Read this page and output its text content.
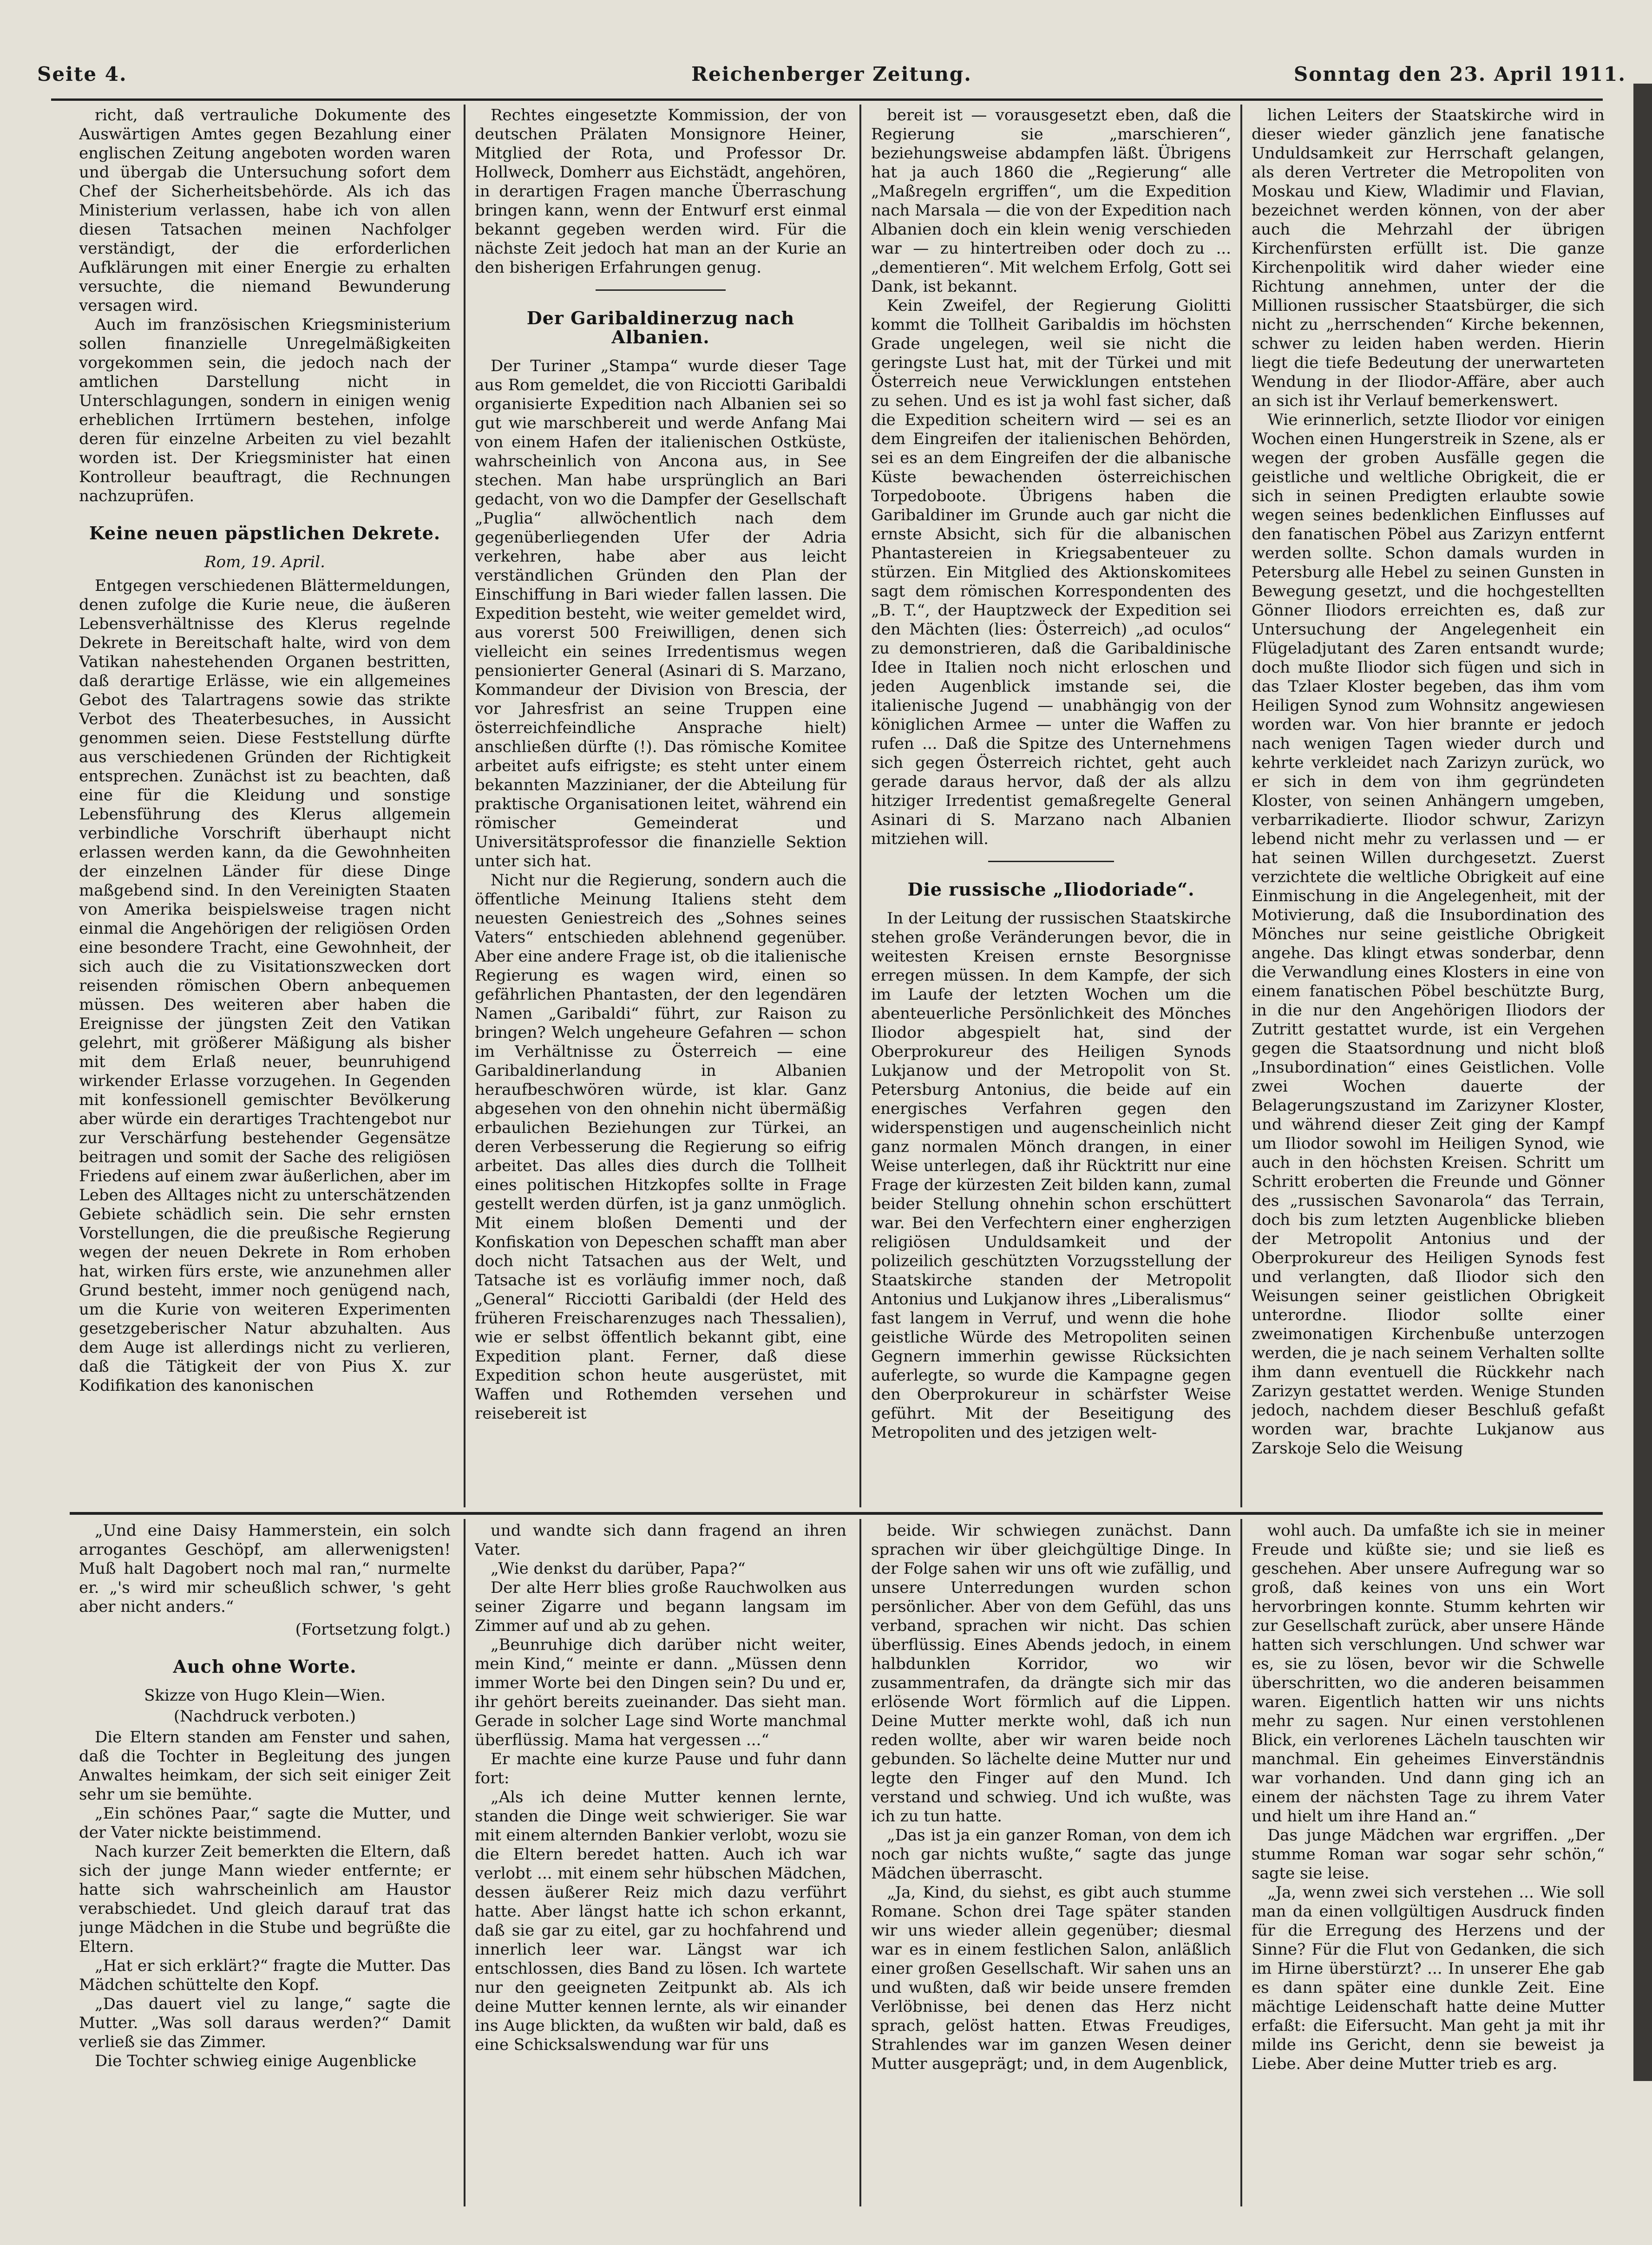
Seite 4.	Reichenberger Zeitung.	Sonntag den 23. April 1911.

richt, daß vertrauliche Dokumente des Auswärtigen Amtes gegen Bezahlung einer englischen Zeitung angeboten worden waren und übergab die Untersuchung sofort dem Chef der Sicherheitsbehörde. Als ich das Ministerium verlassen, habe ich von allen diesen Tatsachen meinen Nachfolger verständigt, der die erforderlichen Aufklärungen mit einer Energie zu erhalten versuchte, die niemand Bewunderung versagen wird.

Auch im französischen Kriegsministerium sollen finanzielle Unregelmäßigkeiten vorgekommen sein, die jedoch nach der amtlichen Darstellung nicht in Unterschlagungen, sondern in einigen wenig erheblichen Irrtümern bestehen, infolge deren für einzelne Arbeiten zu viel bezahlt worden ist. Der Kriegsminister hat einen Kontrolleur beauftragt, die Rechnungen nachzuprüfen.

Keine neuen päpstlichen Dekrete.
Rom, 19. April.

Entgegen verschiedenen Blättermeldungen, denen zufolge die Kurie neue, die äußeren Lebensverhältnisse des Klerus regelnde Dekrete in Bereitschaft halte, wird von dem Vatikan nahestehenden Organen bestritten, daß derartige Erlässe, wie ein allgemeines Gebot des Talartragens sowie das strikte Verbot des Theaterbesuches, in Aussicht genommen seien. Diese Feststellung dürfte aus verschiedenen Gründen der Richtigkeit entsprechen. Zunächst ist zu beachten, daß eine für die Kleidung und sonstige Lebensführung des Klerus allgemein verbindliche Vorschrift überhaupt nicht erlassen werden kann, da die Gewohnheiten der einzelnen Länder für diese Dinge maßgebend sind. In den Vereinigten Staaten von Amerika beispielsweise tragen nicht einmal die Angehörigen der religiösen Orden eine besondere Tracht, eine Gewohnheit, der sich auch die zu Visitationszwecken dort reisenden römischen Obern anbequemen müssen. Des weiteren aber haben die Ereignisse der jüngsten Zeit den Vatikan gelehrt, mit größerer Mäßigung als bisher mit dem Erlaß neuer, beunruhigend wirkender Erlasse vorzugehen. In Gegenden mit konfessionell gemischter Bevölkerung aber würde ein derartiges Trachtengebot nur zur Verschärfung bestehender Gegensätze beitragen und somit der Sache des religiösen Friedens auf einem zwar äußerlichen, aber im Leben des Alltages nicht zu unterschätzenden Gebiete schädlich sein. Die sehr ernsten Vorstellungen, die die preußische Regierung wegen der neuen Dekrete in Rom erhoben hat, wirken fürs erste, wie anzunehmen aller Grund besteht, immer noch genügend nach, um die Kurie von weiteren Experimenten gesetzgeberischer Natur abzuhalten. Aus dem Auge ist allerdings nicht zu verlieren, daß die Tätigkeit der von Pius X. zur Kodifikation des kanonischen

Rechtes eingesetzte Kommission, der von deutschen Prälaten Monsignore Heiner, Mitglied der Rota, und Professor Dr. Hollweck, Domherr aus Eichstädt, angehören, in derartigen Fragen manche Überraschung bringen kann, wenn der Entwurf erst einmal bekannt gegeben werden wird. Für die nächste Zeit jedoch hat man an der Kurie an den bisherigen Erfahrungen genug.

Der Garibaldinerzug nach Albanien.

Der Turiner „Stampa“ wurde dieser Tage aus Rom gemeldet, die von Ricciotti Garibaldi organisierte Expedition nach Albanien sei so gut wie marschbereit und werde Anfang Mai von einem Hafen der italienischen Ostküste, wahrscheinlich von Ancona aus, in See stechen. Man habe ursprünglich an Bari gedacht, von wo die Dampfer der Gesellschaft „Puglia“ allwöchentlich nach dem gegenüberliegenden Ufer der Adria verkehren, habe aber aus leicht verständlichen Gründen den Plan der Einschiffung in Bari wieder fallen lassen. Die Expedition besteht, wie weiter gemeldet wird, aus vorerst 500 Freiwilligen, denen sich vielleicht ein seines Irredentismus wegen pensionierter General (Asinari di S. Marzano, Kommandeur der Division von Brescia, der vor Jahresfrist an seine Truppen eine österreichfeindliche Ansprache hielt) anschließen dürfte (!). Das römische Komitee arbeitet aufs eifrigste; es steht unter einem bekannten Mazzinianer, der die Abteilung für praktische Organisationen leitet, während ein römischer Gemeinderat und Universitätsprofessor die finanzielle Sektion unter sich hat.

Nicht nur die Regierung, sondern auch die öffentliche Meinung Italiens steht dem neuesten Geniestreich des „Sohnes seines Vaters“ entschieden ablehnend gegenüber. Aber eine andere Frage ist, ob die italienische Regierung es wagen wird, einen so gefährlichen Phantasten, der den legendären Namen „Garibaldi“ führt, zur Raison zu bringen? Welch ungeheure Gefahren — schon im Verhältnisse zu Österreich — eine Garibaldinerlandung in Albanien heraufbeschwören würde, ist klar. Ganz abgesehen von den ohnehin nicht übermäßig erbaulichen Beziehungen zur Türkei, an deren Verbesserung die Regierung so eifrig arbeitet. Das alles dies durch die Tollheit eines politischen Hitzkopfes sollte in Frage gestellt werden dürfen, ist ja ganz unmöglich. Mit einem bloßen Dementi und der Konfiskation von Depeschen schafft man aber doch nicht Tatsachen aus der Welt, und Tatsache ist es vorläufig immer noch, daß „General“ Ricciotti Garibaldi (der Held des früheren Freischarenzuges nach Thessalien), wie er selbst öffentlich bekannt gibt, eine Expedition plant. Ferner, daß diese Expedition schon heute ausgerüstet, mit Waffen und Rothemden versehen und reisebereit ist

bereit ist — vorausgesetzt eben, daß die Regierung sie „marschieren“, beziehungsweise abdampfen läßt. Übrigens hat ja auch 1860 die „Regierung“ alle „Maßregeln ergriffen“, um die Expedition nach Marsala — die von der Expedition nach Albanien doch ein klein wenig verschieden war — zu hintertreiben oder doch zu ... „dementieren“. Mit welchem Erfolg, Gott sei Dank, ist bekannt.

Kein Zweifel, der Regierung Giolitti kommt die Tollheit Garibaldis im höchsten Grade ungelegen, weil sie nicht die geringste Lust hat, mit der Türkei und mit Österreich neue Verwicklungen entstehen zu sehen. Und es ist ja wohl fast sicher, daß die Expedition scheitern wird — sei es an dem Eingreifen der italienischen Behörden, sei es an dem Eingreifen der die albanische Küste bewachenden österreichischen Torpedoboote. Übrigens haben die Garibaldiner im Grunde auch gar nicht die ernste Absicht, sich für die albanischen Phantastereien in Kriegsabenteuer zu stürzen. Ein Mitglied des Aktionskomitees sagt dem römischen Korrespondenten des „B. T.“, der Hauptzweck der Expedition sei den Mächten (lies: Österreich) „ad oculos“ zu demonstrieren, daß die Garibaldinische Idee in Italien noch nicht erloschen und jeden Augenblick imstande sei, die italienische Jugend — unabhängig von der königlichen Armee — unter die Waffen zu rufen ... Daß die Spitze des Unternehmens sich gegen Österreich richtet, geht auch gerade daraus hervor, daß der als allzu hitziger Irredentist gemaßregelte General Asinari di S. Marzano nach Albanien mitziehen will.

Die russische „Iliodoriade“.

In der Leitung der russischen Staatskirche stehen große Veränderungen bevor, die in weitesten Kreisen ernste Besorgnisse erregen müssen. In dem Kampfe, der sich im Laufe der letzten Wochen um die abenteuerliche Persönlichkeit des Mönches Iliodor abgespielt hat, sind der Oberprokureur des Heiligen Synods Lukjanow und der Metropolit von St. Petersburg Antonius, die beide auf ein energisches Verfahren gegen den widerspenstigen und augenscheinlich nicht ganz normalen Mönch drangen, in einer Weise unterlegen, daß ihr Rücktritt nur eine Frage der kürzesten Zeit bilden kann, zumal beider Stellung ohnehin schon erschüttert war. Bei den Verfechtern einer engherzigen religiösen Unduldsamkeit und der polizeilich geschützten Vorzugsstellung der Staatskirche standen der Metropolit Antonius und Lukjanow ihres „Liberalismus“ fast langem in Verruf, und wenn die hohe geistliche Würde des Metropoliten seinen Gegnern immerhin gewisse Rücksichten auferlegte, so wurde die Kampagne gegen den Oberprokureur in schärfster Weise geführt. Mit der Beseitigung des Metropoliten und des jetzigen welt-

lichen Leiters der Staatskirche wird in dieser wieder gänzlich jene fanatische Unduldsamkeit zur Herrschaft gelangen, als deren Vertreter die Metropoliten von Moskau und Kiew, Wladimir und Flavian, bezeichnet werden können, von der aber auch die Mehrzahl der übrigen Kirchenfürsten erfüllt ist. Die ganze Kirchenpolitik wird daher wieder eine Richtung annehmen, unter der die Millionen russischer Staatsbürger, die sich nicht zu „herrschenden“ Kirche bekennen, schwer zu leiden haben werden. Hierin liegt die tiefe Bedeutung der unerwarteten Wendung in der Iliodor-Affäre, aber auch an sich ist ihr Verlauf bemerkenswert.

Wie erinnerlich, setzte Iliodor vor einigen Wochen einen Hungerstreik in Szene, als er wegen der groben Ausfälle gegen die geistliche und weltliche Obrigkeit, die er sich in seinen Predigten erlaubte sowie wegen seines bedenklichen Einflusses auf den fanatischen Pöbel aus Zarizyn entfernt werden sollte. Schon damals wurden in Petersburg alle Hebel zu seinen Gunsten in Bewegung gesetzt, und die hochgestellten Gönner Iliodors erreichten es, daß zur Untersuchung der Angelegenheit ein Flügeladjutant des Zaren entsandt wurde; doch mußte Iliodor sich fügen und sich in das Tzlaer Kloster begeben, das ihm vom Heiligen Synod zum Wohnsitz angewiesen worden war. Von hier brannte er jedoch nach wenigen Tagen wieder durch und kehrte verkleidet nach Zarizyn zurück, wo er sich in dem von ihm gegründeten Kloster, von seinen Anhängern umgeben, verbarrikadierte. Iliodor schwur, Zarizyn lebend nicht mehr zu verlassen und — er hat seinen Willen durchgesetzt. Zuerst verzichtete die weltliche Obrigkeit auf eine Einmischung in die Angelegenheit, mit der Motivierung, daß die Insubordination des Mönches nur seine geistliche Obrigkeit angehe. Das klingt etwas sonderbar, denn die Verwandlung eines Klosters in eine von einem fanatischen Pöbel beschützte Burg, in die nur den Angehörigen Iliodors der Zutritt gestattet wurde, ist ein Vergehen gegen die Staatsordnung und nicht bloß „Insubordination“ eines Geistlichen. Volle zwei Wochen dauerte der Belagerungszustand im Zarizyner Kloster, und während dieser Zeit ging der Kampf um Iliodor sowohl im Heiligen Synod, wie auch in den höchsten Kreisen. Schritt um Schritt eroberten die Freunde und Gönner des „russischen Savonarola“ das Terrain, doch bis zum letzten Augenblicke blieben der Metropolit Antonius und der Oberprokureur des Heiligen Synods fest und verlangten, daß Iliodor sich den Weisungen seiner geistlichen Obrigkeit unterordne. Iliodor sollte einer zweimonatigen Kirchenbuße unterzogen werden, die je nach seinem Verhalten sollte ihm dann eventuell die Rückkehr nach Zarizyn gestattet werden. Wenige Stunden jedoch, nachdem dieser Beschluß gefaßt worden war, brachte Lukjanow aus Zarskoje Selo die Weisung

„Und eine Daisy Hammerstein, ein solch arrogantes Geschöpf, am allerwenigsten! Muß halt Dagobert noch mal ran,“ nurmelte er. „'s wird mir scheußlich schwer, 's geht aber nicht anders.“

(Fortsetzung folgt.)
Auch ohne Worte.
Skizze von Hugo Klein—Wien.
(Nachdruck verboten.)

Die Eltern standen am Fenster und sahen, daß die Tochter in Begleitung des jungen Anwaltes heimkam, der sich seit einiger Zeit sehr um sie bemühte.

„Ein schönes Paar,“ sagte die Mutter, und der Vater nickte beistimmend.

Nach kurzer Zeit bemerkten die Eltern, daß sich der junge Mann wieder entfernte; er hatte sich wahrscheinlich am Haustor verabschiedet. Und gleich darauf trat das junge Mädchen in die Stube und begrüßte die Eltern.

„Hat er sich erklärt?“ fragte die Mutter. Das Mädchen schüttelte den Kopf.

„Das dauert viel zu lange,“ sagte die Mutter. „Was soll daraus werden?“ Damit verließ sie das Zimmer.

Die Tochter schwieg einige Augenblicke

und wandte sich dann fragend an ihren Vater.

„Wie denkst du darüber, Papa?“

Der alte Herr blies große Rauchwolken aus seiner Zigarre und begann langsam im Zimmer auf und ab zu gehen.

„Beunruhige dich darüber nicht weiter, mein Kind,“ meinte er dann. „Müssen denn immer Worte bei den Dingen sein? Du und er, ihr gehört bereits zueinander. Das sieht man. Gerade in solcher Lage sind Worte manchmal überflüssig. Mama hat vergessen ...“

Er machte eine kurze Pause und fuhr dann fort:

„Als ich deine Mutter kennen lernte, standen die Dinge weit schwieriger. Sie war mit einem alternden Bankier verlobt, wozu sie die Eltern beredet hatten. Auch ich war verlobt ... mit einem sehr hübschen Mädchen, dessen äußerer Reiz mich dazu verführt hatte. Aber längst hatte ich schon erkannt, daß sie gar zu eitel, gar zu hochfahrend und innerlich leer war. Längst war ich entschlossen, dies Band zu lösen. Ich wartete nur den geeigneten Zeitpunkt ab. Als ich deine Mutter kennen lernte, als wir einander ins Auge blickten, da wußten wir bald, daß es eine Schicksalswendung war für uns

beide. Wir schwiegen zunächst. Dann sprachen wir über gleichgültige Dinge. In der Folge sahen wir uns oft wie zufällig, und unsere Unterredungen wurden schon persönlicher. Aber von dem Gefühl, das uns verband, sprachen wir nicht. Das schien überflüssig. Eines Abends jedoch, in einem halbdunklen Korridor, wo wir zusammentrafen, da drängte sich mir das erlösende Wort förmlich auf die Lippen. Deine Mutter merkte wohl, daß ich nun reden wollte, aber wir waren beide noch gebunden. So lächelte deine Mutter nur und legte den Finger auf den Mund. Ich verstand und schwieg. Und ich wußte, was ich zu tun hatte.

„Das ist ja ein ganzer Roman, von dem ich noch gar nichts wußte,“ sagte das junge Mädchen überrascht.

„Ja, Kind, du siehst, es gibt auch stumme Romane. Schon drei Tage später standen wir uns wieder allein gegenüber; diesmal war es in einem festlichen Salon, anläßlich einer großen Gesellschaft. Wir sahen uns an und wußten, daß wir beide unsere fremden Verlöbnisse, bei denen das Herz nicht sprach, gelöst hatten. Etwas Freudiges, Strahlendes war im ganzen Wesen deiner Mutter ausgeprägt; und, in dem Augenblick,

wohl auch. Da umfaßte ich sie in meiner Freude und küßte sie; und sie ließ es geschehen. Aber unsere Aufregung war so groß, daß keines von uns ein Wort hervorbringen konnte. Stumm kehrten wir zur Gesellschaft zurück, aber unsere Hände hatten sich verschlungen. Und schwer war es, sie zu lösen, bevor wir die Schwelle überschritten, wo die anderen beisammen waren. Eigentlich hatten wir uns nichts mehr zu sagen. Nur einen verstohlenen Blick, ein verlorenes Lächeln tauschten wir manchmal. Ein geheimes Einverständnis war vorhanden. Und dann ging ich an einem der nächsten Tage zu ihrem Vater und hielt um ihre Hand an.“

Das junge Mädchen war ergriffen. „Der stumme Roman war sogar sehr schön,“ sagte sie leise.

„Ja, wenn zwei sich verstehen ... Wie soll man da einen vollgültigen Ausdruck finden für die Erregung des Herzens und der Sinne? Für die Flut von Gedanken, die sich im Hirne überstürzt? ... In unserer Ehe gab es dann später eine dunkle Zeit. Eine mächtige Leidenschaft hatte deine Mutter erfaßt: die Eifersucht. Man geht ja mit ihr milde ins Gericht, denn sie beweist ja Liebe. Aber deine Mutter trieb es arg.
